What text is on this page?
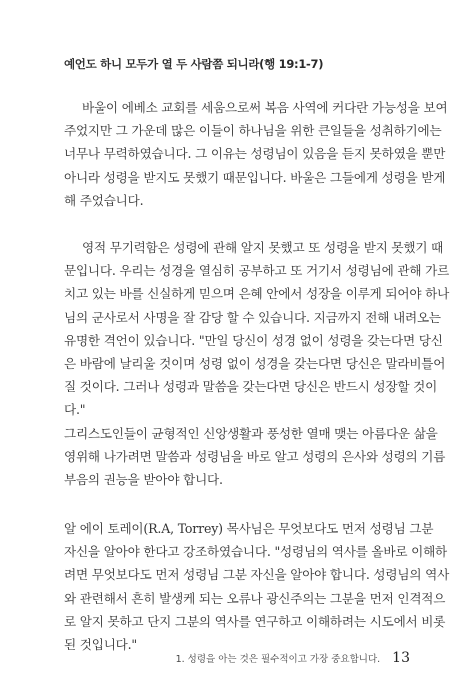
예언도 하니 모두가 열 두 사람쯤 되니라(행 19:1-7)
바울이 에베소 교회를 세움으로써 복음 사역에 커다란 가능성을 보여
주었지만 그 가운데 많은 이들이 하나님을 위한 큰일들을 성취하기에는
너무나 무력하였습니다. 그 이유는 성령님이 있음을 듣지 못하였을 뿐만
아니라 성령을 받지도 못했기 때문입니다. 바울은 그들에게 성령을 받게
해 주었습니다.
영적 무기력함은 성령에 관해 알지 못했고 또 성령을 받지 못했기 때
문입니다. 우리는 성경을 열심히 공부하고 또 거기서 성령님에 관해 가르
치고 있는 바를 신실하게 믿으며 은혜 안에서 성장을 이루게 되어야 하나
님의 군사로서 사명을 잘 감당 할 수 있습니다. 지금까지 전해 내려오는
유명한 격언이 있습니다. "만일 당신이 성경 없이 성령을 갖는다면 당신
은 바람에 날리울 것이며 성령 없이 성경을 갖는다면 당신은 말라비틀어
질 것이다. 그러나 성령과 말씀을 갖는다면 당신은 반드시 성장할 것이
다."
그리스도인들이 균형적인 신앙생활과 풍성한 열매 맺는 아름다운 삶을
영위해 나가려면 말씀과 성령님을 바로 알고 성령의 은사와 성령의 기름
부음의 권능을 받아야 합니다.
알 에이 토레이(R.A, Torrey) 목사님은 무엇보다도 먼저 성령님 그분
자신을 알아야 한다고 강조하였습니다. "성령님의 역사를 올바로 이해하
려면 무엇보다도 먼저 성령님 그분 자신을 알아야 합니다. 성령님의 역사
와 관련해서 흔히 발생케 되는 오류나 광신주의는 그분을 먼저 인격적으
로 알지 못하고 단지 그분의 역사를 연구하고 이해하려는 시도에서 비롯
된 것입니다."
1. 성령을 아는 것은 필수적이고 가장 중요합니다. 13
